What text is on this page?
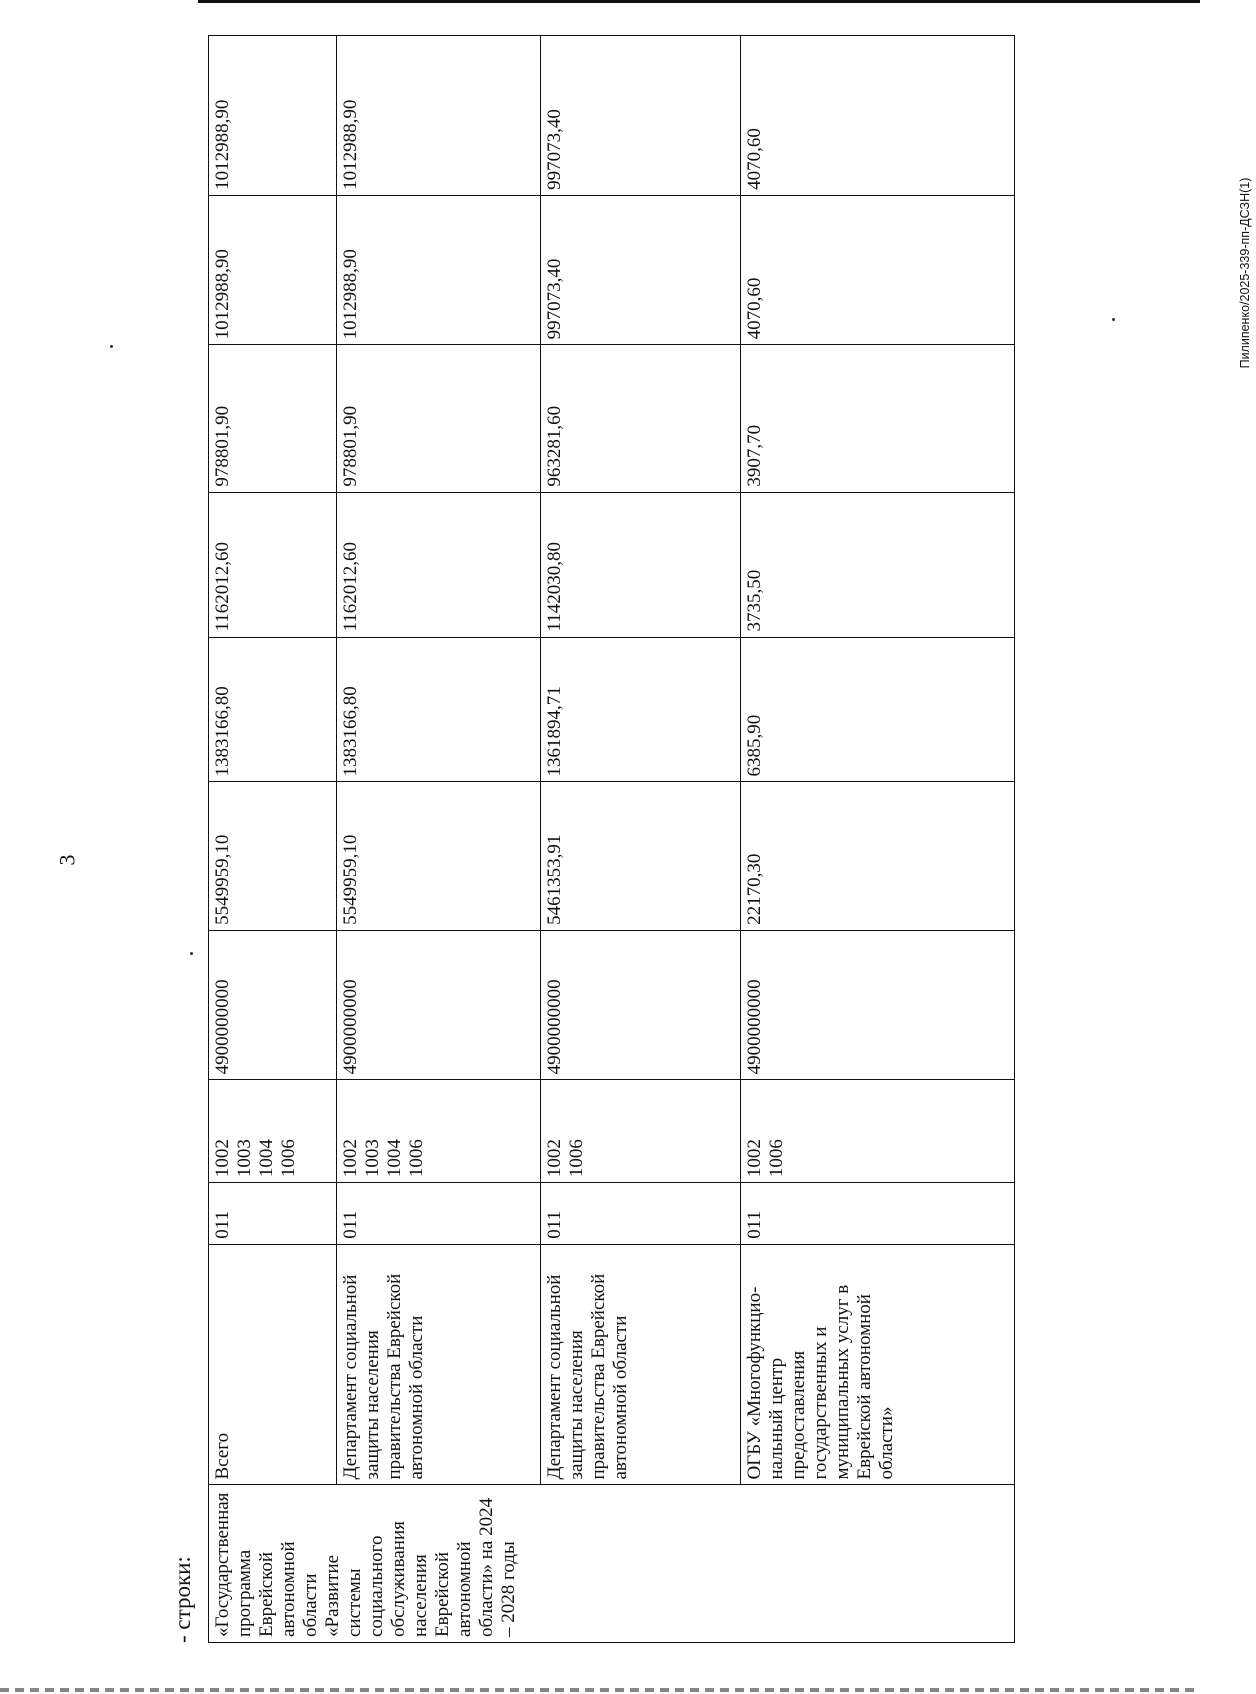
3
Пилипенко/2025-339-пп-ДСЗН(1)
- строки: «Государственная программа Еврейской автономной области «Развитие системы социального обслуживания населения Еврейской автономной области» на 2024 – 2028 годы	Всего	011	1002
1003
1004
1006	4900000000	5549959,10	1383166,80	1162012,60	978801,90	1012988,90	1012988,90
	Департамент социальной защиты населения правительства Еврейской автономной области	011	1002
1003
1004
1006	4900000000	5549959,10	1383166,80	1162012,60	978801,90	1012988,90	1012988,90
	Департамент социальной защиты населения правительства Еврейской автономной области	011	1002
1006	4900000000	5461353,91	1361894,71	1142030,80	963281,60	997073,40	997073,40
	ОГБУ «Многофункцио-нальный центр предоставления государственных и муниципальных услуг в Еврейской автономной области»	011	1002
1006	4900000000	22170,30	6385,90	3735,50	3907,70	4070,60	4070,60
